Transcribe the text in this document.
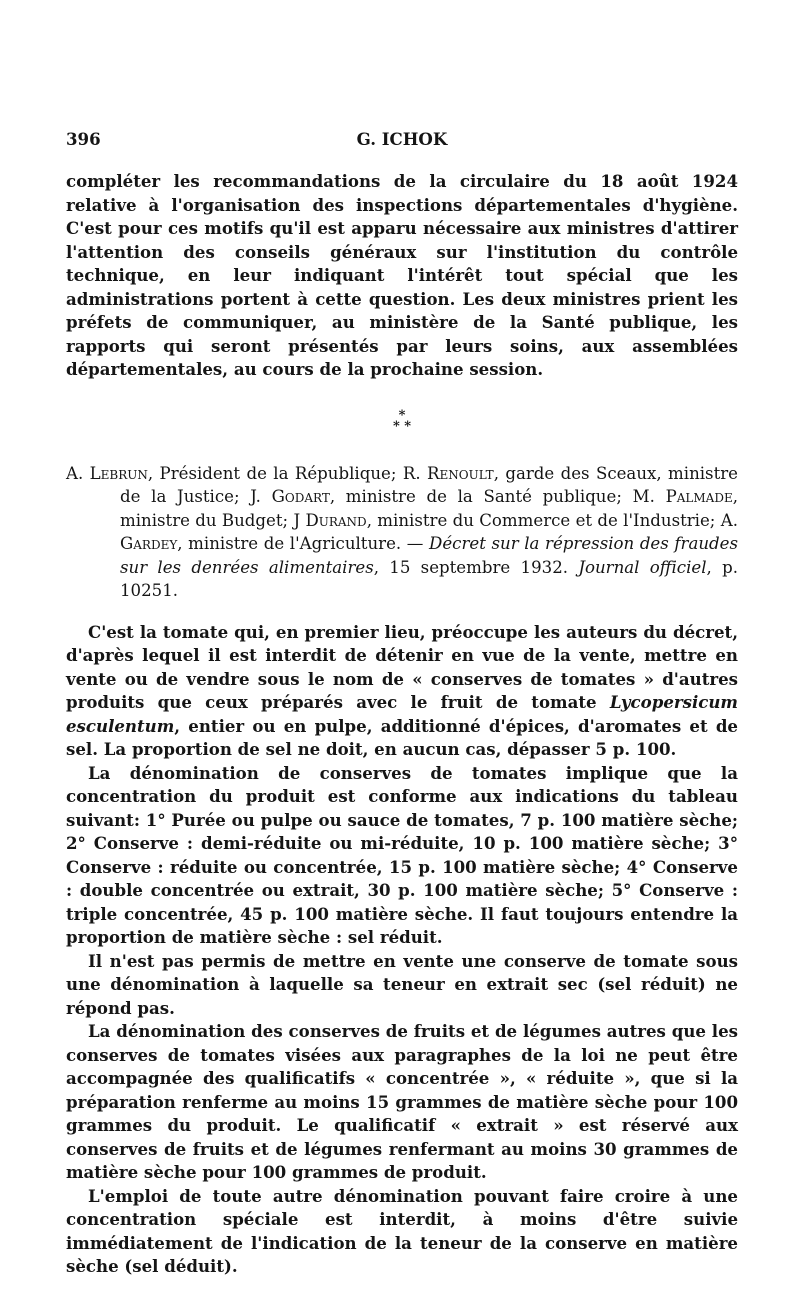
396	G. ICHOK

compléter les recommandations de la circulaire du 18 août 1924 relative à l'organisation des inspections départementales d'hygiène. C'est pour ces motifs qu'il est apparu nécessaire aux ministres d'attirer l'attention des conseils généraux sur l'institution du contrôle technique, en leur indiquant l'intérêt tout spécial que les administrations portent à cette question. Les deux ministres prient les préfets de communiquer, au ministère de la Santé publique, les rapports qui seront présentés par leurs soins, aux assemblées départementales, au cours de la prochaine session.

*
* *

A. Lebrun, Président de la République; R. Renoult, garde des Sceaux, ministre de la Justice; J. Godart, ministre de la Santé publique; M. Palmade, ministre du Budget; J Durand, ministre du Commerce et de l'Industrie; A. Gardey, ministre de l'Agriculture. — Décret sur la répression des fraudes sur les denrées alimentaires, 15 septembre 1932. Journal officiel, p. 10251.

C'est la tomate qui, en premier lieu, préoccupe les auteurs du décret, d'après lequel il est interdit de détenir en vue de la vente, mettre en vente ou de vendre sous le nom de « conserves de tomates » d'autres produits que ceux préparés avec le fruit de tomate Lycopersicum esculentum, entier ou en pulpe, additionné d'épices, d'aromates et de sel. La proportion de sel ne doit, en aucun cas, dépasser 5 p. 100.

La dénomination de conserves de tomates implique que la concentration du produit est conforme aux indications du tableau suivant: 1° Purée ou pulpe ou sauce de tomates, 7 p. 100 matière sèche; 2° Conserve : demi-réduite ou mi-réduite, 10 p. 100 matière sèche; 3° Conserve : réduite ou concentrée, 15 p. 100 matière sèche; 4° Conserve : double concentrée ou extrait, 30 p. 100 matière sèche; 5° Conserve : triple concentrée, 45 p. 100 matière sèche. Il faut toujours entendre la proportion de matière sèche : sel réduit.

Il n'est pas permis de mettre en vente une conserve de tomate sous une dénomination à laquelle sa teneur en extrait sec (sel réduit) ne répond pas.

La dénomination des conserves de fruits et de légumes autres que les conserves de tomates visées aux paragraphes de la loi ne peut être accompagnée des qualificatifs « concentrée », « réduite », que si la préparation renferme au moins 15 grammes de matière sèche pour 100 grammes du produit. Le qualificatif « extrait » est réservé aux conserves de fruits et de légumes renfermant au moins 30 grammes de matière sèche pour 100 grammes de produit.

L'emploi de toute autre dénomination pouvant faire croire à une concentration spéciale est interdit, à moins d'être suivie immédiatement de l'indication de la teneur de la conserve en matière sèche (sel déduit).
